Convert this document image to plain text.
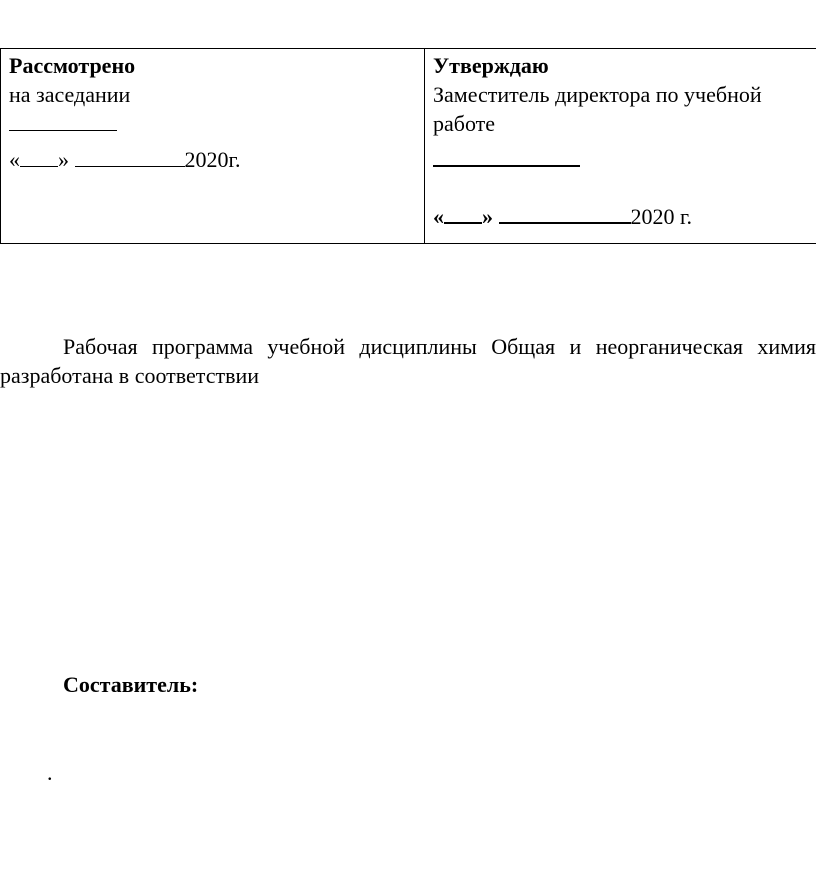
Рассмотрено
на заседании
« »	2020г.

Утверждаю
Заместитель директора по учебной
работе
« »	2020 г.

Рабочая программа учебной дисциплины Общая и неорганическая химия разработана в соответствии

Составитель:

.
